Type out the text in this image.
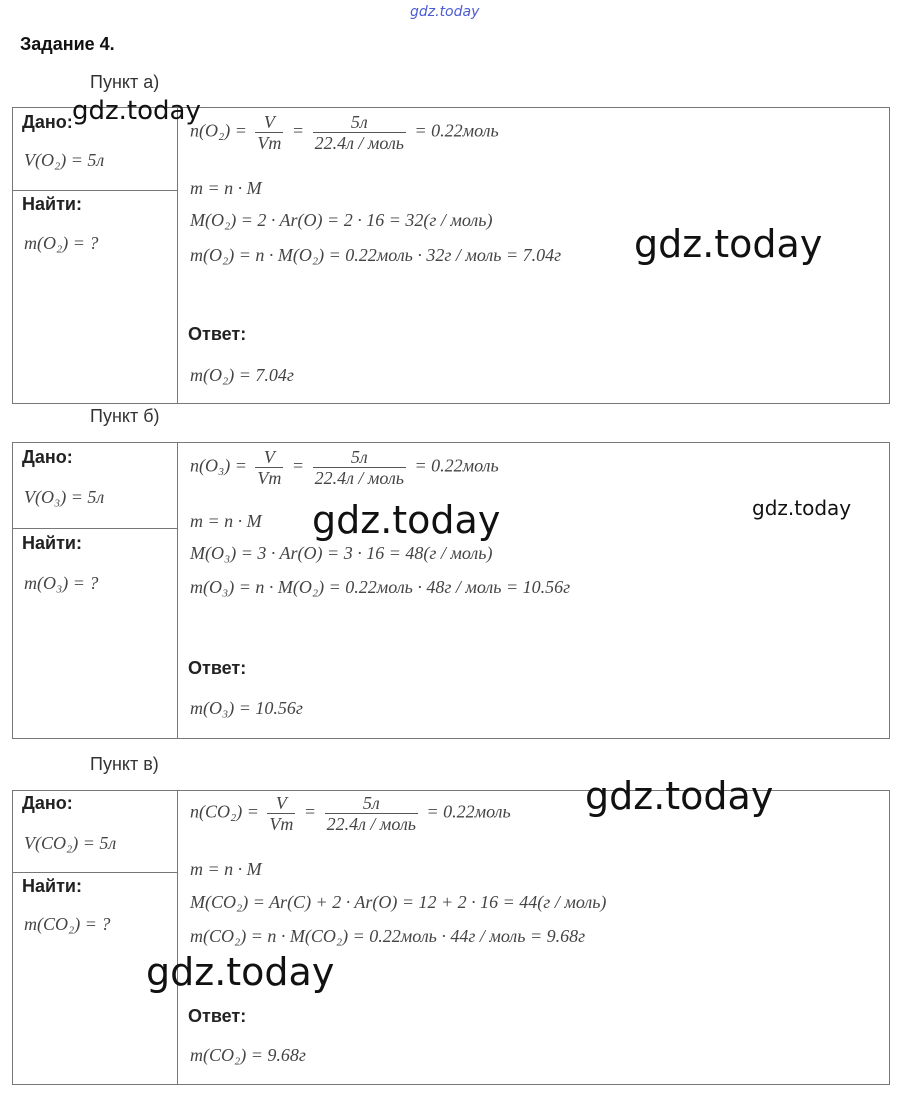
gdz.today
Задание 4.
Пункт а)
Дано:
V(O₂) = 5л
Найти:
m(O₂) = ?
$n(O_2) = \frac{V}{Vm} = \frac{5л}{\text{22.4л / моль}}$ = 0.22моль
m = n · M
M(O₂) = 2 · Ar(O) = 2 · 16 = 32(г / моль)
m(O₂) = n · M(O₂) = 0.22моль · 32г / моль = 7.04г
Ответ:
m(O₂) = 7.04г
gdz.today
gdz.today
Пункт б)
Дано:
V(O₃) = 5л
Найти:
m(O₃) = ?
$n(O_3) = \frac{V}{Vm} = \frac{5л}{\text{22.4л / моль}}$ = 0.22моль
m = n · M
M(O₃) = 3 · Ar(O) = 3 · 16 = 48(г / моль)
m(O₃) = n · M(O₂) = 0.22моль · 48г / моль = 10.56г
Ответ:
m(O₃) = 10.56г
gdz.today	gdz.today
Пункт в)
Дано:
V(CO₂) = 5л
Найти:
m(CO₂) = ?
$n(CO_2) = \frac{V}{Vm} = \frac{5л}{\text{22.4л / моль}}$ = 0.22моль
m = n · M
M(CO₂) = Ar(C) + 2 · Ar(O) = 12 + 2 · 16 = 44(г / моль)
m(CO₂) = n · M(CO₂) = 0.22моль · 44г / моль = 9.68г
Ответ:
m(CO₂) = 9.68г
gdz.today
gdz.today
